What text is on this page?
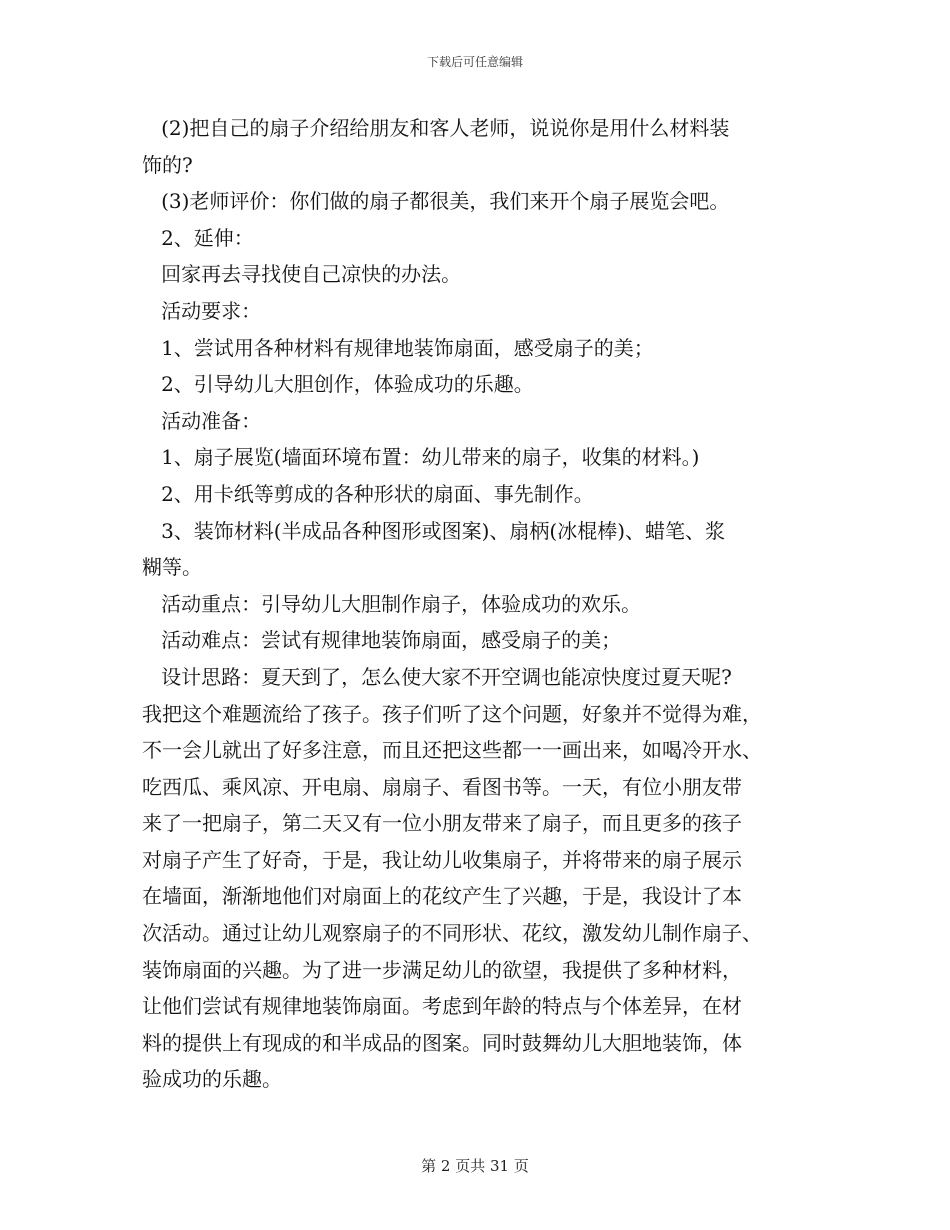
下载后可任意编辑

(2)把自己的扇子介绍给朋友和客人老师，说说你是用什么材料装

饰的?

(3)老师评价：你们做的扇子都很美，我们来开个扇子展览会吧。

2、延伸：

回家再去寻找使自己凉快的办法。

活动要求：

1、尝试用各种材料有规律地装饰扇面，感受扇子的美；

2、引导幼儿大胆创作，体验成功的乐趣。

活动准备：

1、扇子展览(墙面环境布置：幼儿带来的扇子，收集的材料。)

2、用卡纸等剪成的各种形状的扇面、事先制作。

3、装饰材料(半成品各种图形或图案)、扇柄(冰棍棒)、蜡笔、浆

糊等。

活动重点：引导幼儿大胆制作扇子，体验成功的欢乐。

活动难点：尝试有规律地装饰扇面，感受扇子的美；

设计思路：夏天到了，怎么使大家不开空调也能凉快度过夏天呢?

我把这个难题流给了孩子。孩子们听了这个问题，好象并不觉得为难，

不一会儿就出了好多注意，而且还把这些都一一画出来，如喝冷开水、

吃西瓜、乘风凉、开电扇、扇扇子、看图书等。一天，有位小朋友带

来了一把扇子，第二天又有一位小朋友带来了扇子，而且更多的孩子

对扇子产生了好奇，于是，我让幼儿收集扇子，并将带来的扇子展示

在墙面，渐渐地他们对扇面上的花纹产生了兴趣，于是，我设计了本

次活动。通过让幼儿观察扇子的不同形状、花纹，激发幼儿制作扇子、

装饰扇面的兴趣。为了进一步满足幼儿的欲望，我提供了多种材料，

让他们尝试有规律地装饰扇面。考虑到年龄的特点与个体差异，在材

料的提供上有现成的和半成品的图案。同时鼓舞幼儿大胆地装饰，体

验成功的乐趣。

第 2 页共 31 页
